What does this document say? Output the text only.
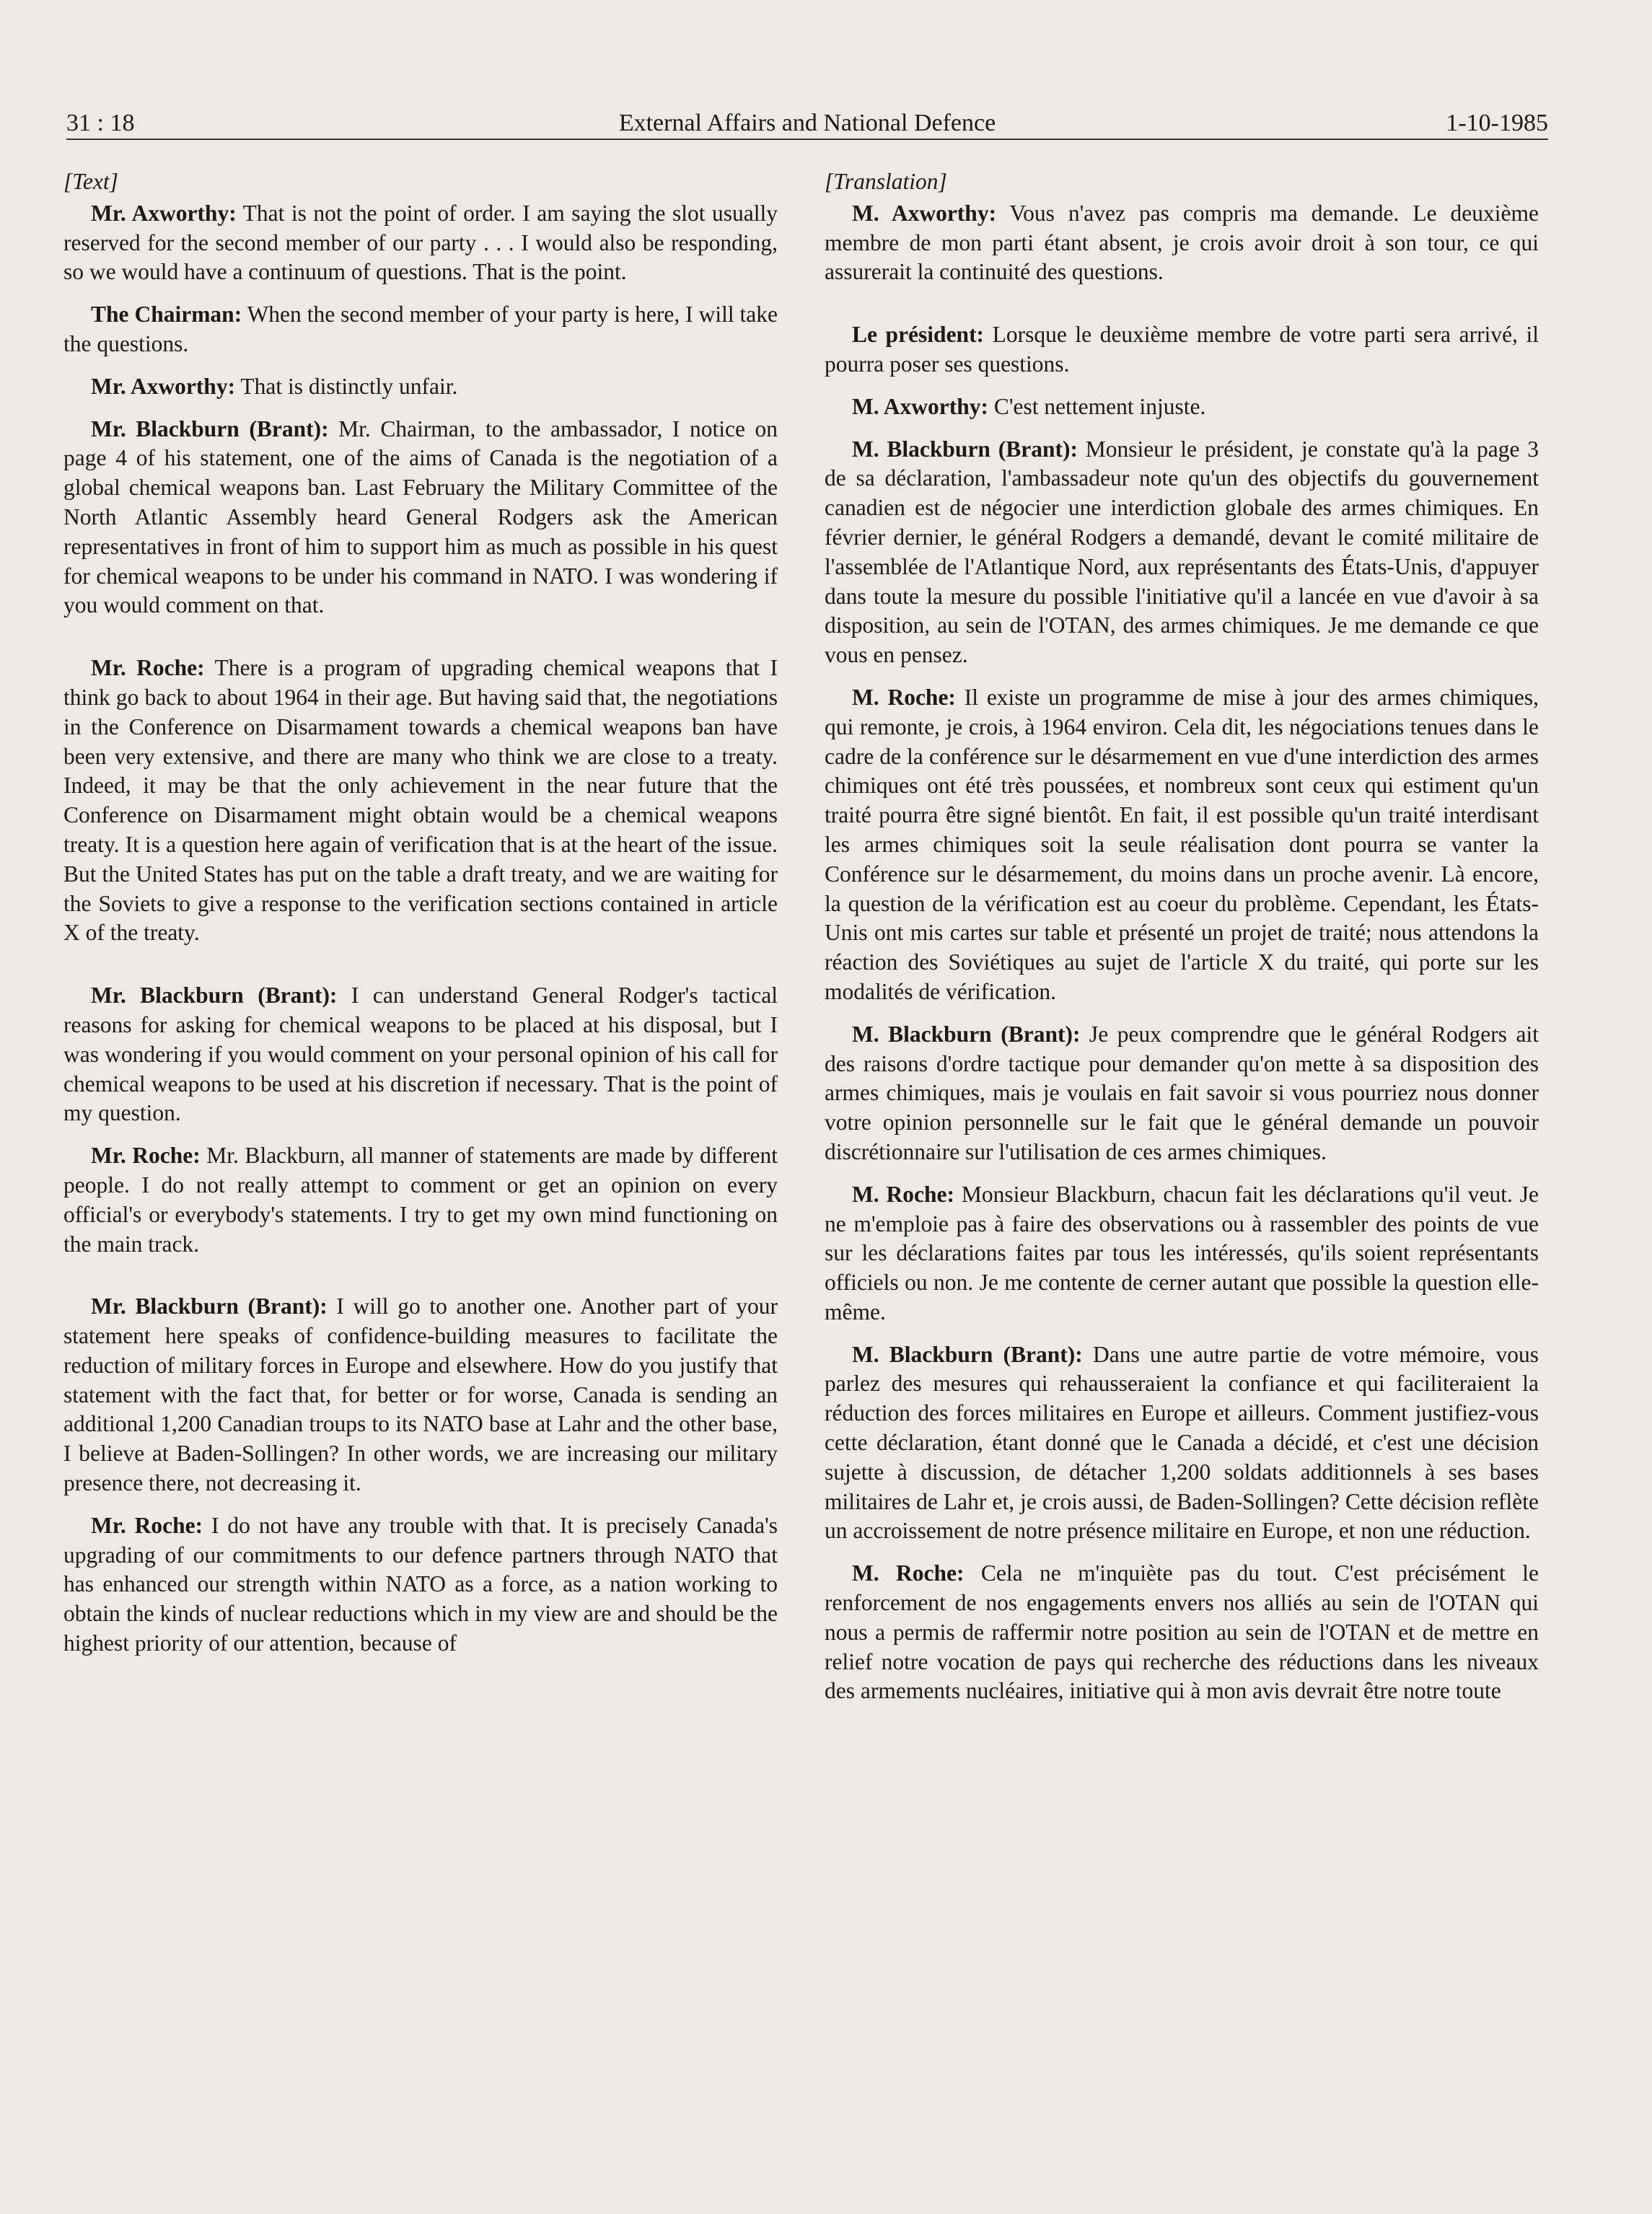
31 : 18	External Affairs and National Defence	1-10-1985
[Text]

Mr. Axworthy: That is not the point of order. I am saying the slot usually reserved for the second member of our party . . . I would also be responding, so we would have a continuum of questions. That is the point.

The Chairman: When the second member of your party is here, I will take the questions.

Mr. Axworthy: That is distinctly unfair.

Mr. Blackburn (Brant): Mr. Chairman, to the ambassador, I notice on page 4 of his statement, one of the aims of Canada is the negotiation of a global chemical weapons ban. Last February the Military Committee of the North Atlantic Assembly heard General Rodgers ask the American representatives in front of him to support him as much as possible in his quest for chemical weapons to be under his command in NATO. I was wondering if you would comment on that.

Mr. Roche: There is a program of upgrading chemical weapons that I think go back to about 1964 in their age. But having said that, the negotiations in the Conference on Disarmament towards a chemical weapons ban have been very extensive, and there are many who think we are close to a treaty. Indeed, it may be that the only achievement in the near future that the Conference on Disarmament might obtain would be a chemical weapons treaty. It is a question here again of verification that is at the heart of the issue. But the United States has put on the table a draft treaty, and we are waiting for the Soviets to give a response to the verification sections contained in article X of the treaty.

Mr. Blackburn (Brant): I can understand General Rodger's tactical reasons for asking for chemical weapons to be placed at his disposal, but I was wondering if you would comment on your personal opinion of his call for chemical weapons to be used at his discretion if necessary. That is the point of my question.

Mr. Roche: Mr. Blackburn, all manner of statements are made by different people. I do not really attempt to comment or get an opinion on every official's or everybody's statements. I try to get my own mind functioning on the main track.

Mr. Blackburn (Brant): I will go to another one. Another part of your statement here speaks of confidence-building measures to facilitate the reduction of military forces in Europe and elsewhere. How do you justify that statement with the fact that, for better or for worse, Canada is sending an additional 1,200 Canadian troups to its NATO base at Lahr and the other base, I believe at Baden-Sollingen? In other words, we are increasing our military presence there, not decreasing it.

Mr. Roche: I do not have any trouble with that. It is precisely Canada's upgrading of our commitments to our defence partners through NATO that has enhanced our strength within NATO as a force, as a nation working to obtain the kinds of nuclear reductions which in my view are and should be the highest priority of our attention, because of

[Translation]

M. Axworthy: Vous n'avez pas compris ma demande. Le deuxième membre de mon parti étant absent, je crois avoir droit à son tour, ce qui assurerait la continuité des questions.

Le président: Lorsque le deuxième membre de votre parti sera arrivé, il pourra poser ses questions.

M. Axworthy: C'est nettement injuste.

M. Blackburn (Brant): Monsieur le président, je constate qu'à la page 3 de sa déclaration, l'ambassadeur note qu'un des objectifs du gouvernement canadien est de négocier une interdiction globale des armes chimiques. En février dernier, le général Rodgers a demandé, devant le comité militaire de l'assemblée de l'Atlantique Nord, aux représentants des États-Unis, d'appuyer dans toute la mesure du possible l'initiative qu'il a lancée en vue d'avoir à sa disposition, au sein de l'OTAN, des armes chimiques. Je me demande ce que vous en pensez.

M. Roche: Il existe un programme de mise à jour des armes chimiques, qui remonte, je crois, à 1964 environ. Cela dit, les négociations tenues dans le cadre de la conférence sur le désarmement en vue d'une interdiction des armes chimiques ont été très poussées, et nombreux sont ceux qui estiment qu'un traité pourra être signé bientôt. En fait, il est possible qu'un traité interdisant les armes chimiques soit la seule réalisation dont pourra se vanter la Conférence sur le désarmement, du moins dans un proche avenir. Là encore, la question de la vérification est au coeur du problème. Cependant, les États-Unis ont mis cartes sur table et présenté un projet de traité; nous attendons la réaction des Soviétiques au sujet de l'article X du traité, qui porte sur les modalités de vérification.

M. Blackburn (Brant): Je peux comprendre que le général Rodgers ait des raisons d'ordre tactique pour demander qu'on mette à sa disposition des armes chimiques, mais je voulais en fait savoir si vous pourriez nous donner votre opinion personnelle sur le fait que le général demande un pouvoir discrétionnaire sur l'utilisation de ces armes chimiques.

M. Roche: Monsieur Blackburn, chacun fait les déclarations qu'il veut. Je ne m'emploie pas à faire des observations ou à rassembler des points de vue sur les déclarations faites par tous les intéressés, qu'ils soient représentants officiels ou non. Je me contente de cerner autant que possible la question elle-même.

M. Blackburn (Brant): Dans une autre partie de votre mémoire, vous parlez des mesures qui rehausseraient la confiance et qui faciliteraient la réduction des forces militaires en Europe et ailleurs. Comment justifiez-vous cette déclaration, étant donné que le Canada a décidé, et c'est une décision sujette à discussion, de détacher 1,200 soldats additionnels à ses bases militaires de Lahr et, je crois aussi, de Baden-Sollingen? Cette décision reflète un accroissement de notre présence militaire en Europe, et non une réduction.

M. Roche: Cela ne m'inquiète pas du tout. C'est précisément le renforcement de nos engagements envers nos alliés au sein de l'OTAN qui nous a permis de raffermir notre position au sein de l'OTAN et de mettre en relief notre vocation de pays qui recherche des réductions dans les niveaux des armements nucléaires, initiative qui à mon avis devrait être notre toute
